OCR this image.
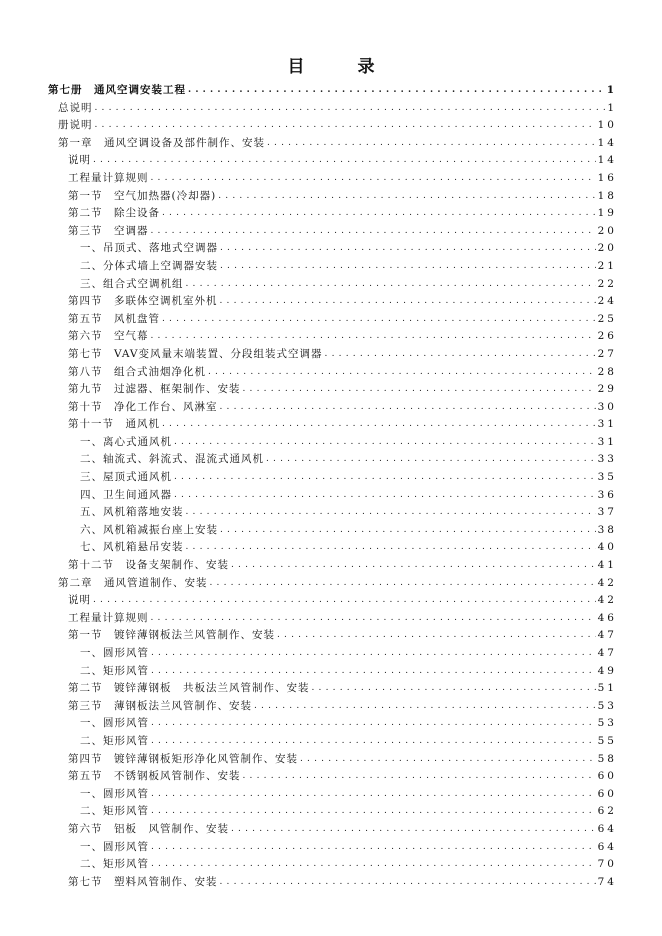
目　录
第七册　通风空调安装工程 .....	1
总说明 .....	1
册说明 .....	10
第一章　通风空调设备及部件制作、安装 .....	14
说明 .....	14
工程量计算规则 .....	16
第一节　空气加热器(冷却器) .....	18
第二节　除尘设备 .....	19
第三节　空调器 .....	20
一、吊顶式、落地式空调器 .....	20
二、分体式墙上空调器安装 .....	21
三、组合式空调机组 .....	22
第四节　多联体空调机室外机 .....	24
第五节　风机盘管 .....	25
第六节　空气幕 .....	26
第七节　VAV变风量末端装置、分段组装式空调器 .....	27
第八节　组合式油烟净化机 .....	28
第九节　过滤器、框架制作、安装 .....	29
第十节　净化工作台、风淋室 .....	30
第十一节　通风机 .....	31
一、离心式通风机 .....	31
二、轴流式、斜流式、混流式通风机 .....	33
三、屋顶式通风机 .....	35
四、卫生间通风器 .....	36
五、风机箱落地安装 .....	37
六、风机箱减振台座上安装 .....	38
七、风机箱悬吊安装 .....	40
第十二节　设备支架制作、安装 .....	41
第二章　通风管道制作、安装 .....	42
说明 .....	42
工程量计算规则 .....	46
第一节　镀锌薄钢板法兰风管制作、安装 .....	47
一、圆形风管 .....	47
二、矩形风管 .....	49
第二节　镀锌薄钢板　共板法兰风管制作、安装 .....	51
第三节　薄钢板法兰风管制作、安装 .....	53
一、圆形风管 .....	53
二、矩形风管 .....	55
第四节　镀锌薄钢板矩形净化风管制作、安装 .....	58
第五节　不锈钢板风管制作、安装 .....	60
一、圆形风管 .....	60
二、矩形风管 .....	62
第六节　铝板　风管制作、安装 .....	64
一、圆形风管 .....	64
二、矩形风管 .....	70
第七节　塑料风管制作、安装 .....	74
